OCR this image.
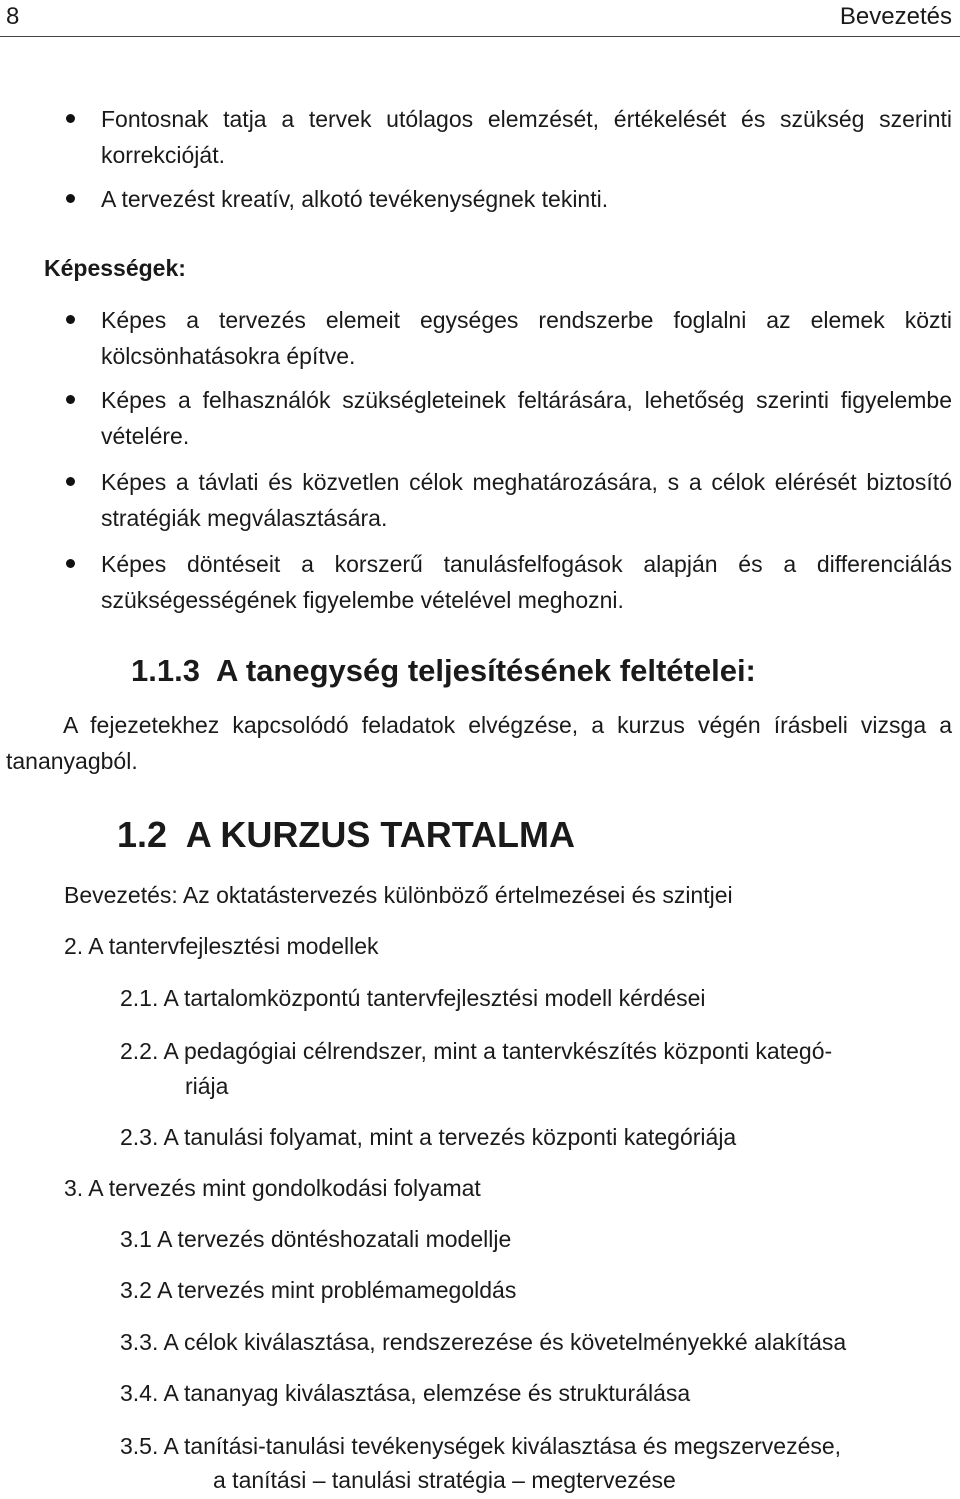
8	Bevezetés
Fontosnak tatja a tervek utólagos elemzését, értékelését és szükség szerinti korrekcióját.
A tervezést kreatív, alkotó tevékenységnek tekinti.
Képességek:
Képes a tervezés elemeit egységes rendszerbe foglalni az elemek közti kölcsönhatásokra építve.
Képes a felhasználók szükségleteinek feltárására, lehetőség szerinti figyelembe vételére.
Képes a távlati és közvetlen célok meghatározására, s a célok elérését biztosító stratégiák megválasztására.
Képes döntéseit a korszerű tanulásfelfogások alapján és a differenciálás szükségességének figyelembe vételével meghozni.
1.1.3  A tanegység teljesítésének feltételei:
A fejezetekhez kapcsolódó feladatok elvégzése, a kurzus végén írásbeli vizsga a tananyagból.
1.2  A KURZUS TARTALMA
Bevezetés: Az oktatástervezés különböző értelmezései és szintjei
2. A tantervfejlesztési modellek
2.1. A tartalomközpontú tantervfejlesztési modell kérdései
2.2. A pedagógiai célrendszer, mint a tantervkészítés központi kategó-
riája
2.3. A tanulási folyamat, mint a tervezés központi kategóriája
3. A tervezés mint gondolkodási folyamat
3.1 A tervezés döntéshozatali modellje
3.2 A tervezés mint problémamegoldás
3.3. A célok kiválasztása, rendszerezése és követelményekké alakítása
3.4. A tananyag kiválasztása, elemzése és strukturálása
3.5. A tanítási-tanulási tevékenységek kiválasztása és megszervezése,
a tanítási – tanulási stratégia – megtervezése
